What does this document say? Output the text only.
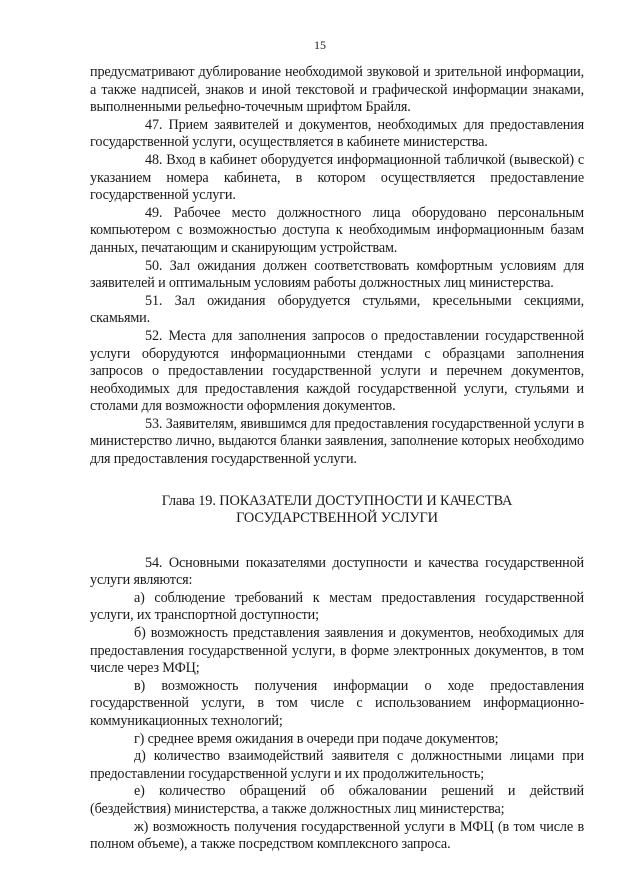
15

предусматривают дублирование необходимой звуковой и зрительной информации, а также надписей, знаков и иной текстовой и графической информации знаками, выполненными рельефно-точечным шрифтом Брайля.

47. Прием заявителей и документов, необходимых для предоставления государственной услуги, осуществляется в кабинете министерства.

48. Вход в кабинет оборудуется информационной табличкой (вывеской) с указанием номера кабинета, в котором осуществляется предоставление государственной услуги.

49. Рабочее место должностного лица оборудовано персональным компьютером с возможностью доступа к необходимым информационным базам данных, печатающим и сканирующим устройствам.

50. Зал ожидания должен соответствовать комфортным условиям для заявителей и оптимальным условиям работы должностных лиц министерства.

51. Зал ожидания оборудуется стульями, кресельными секциями, скамьями.

52. Места для заполнения запросов о предоставлении государственной услуги оборудуются информационными стендами с образцами заполнения запросов о предоставлении государственной услуги и перечнем документов, необходимых для предоставления каждой государственной услуги, стульями и столами для возможности оформления документов.

53. Заявителям, явившимся для предоставления государственной услуги в министерство лично, выдаются бланки заявления, заполнение которых необходимо для предоставления государственной услуги.

Глава 19. ПОКАЗАТЕЛИ ДОСТУПНОСТИ И КАЧЕСТВА
ГОСУДАРСТВЕННОЙ УСЛУГИ

54. Основными показателями доступности и качества государственной услуги являются:

а) соблюдение требований к местам предоставления государственной услуги, их транспортной доступности;

б) возможность представления заявления и документов, необходимых для предоставления государственной услуги, в форме электронных документов, в том числе через МФЦ;

в) возможность получения информации о ходе предоставления государственной услуги, в том числе с использованием информационно-коммуникационных технологий;

г) среднее время ожидания в очереди при подаче документов;

д) количество взаимодействий заявителя с должностными лицами при предоставлении государственной услуги и их продолжительность;

е) количество обращений об обжаловании решений и действий (бездействия) министерства, а также должностных лиц министерства;

ж) возможность получения государственной услуги в МФЦ (в том числе в полном объеме), а также посредством комплексного запроса.
